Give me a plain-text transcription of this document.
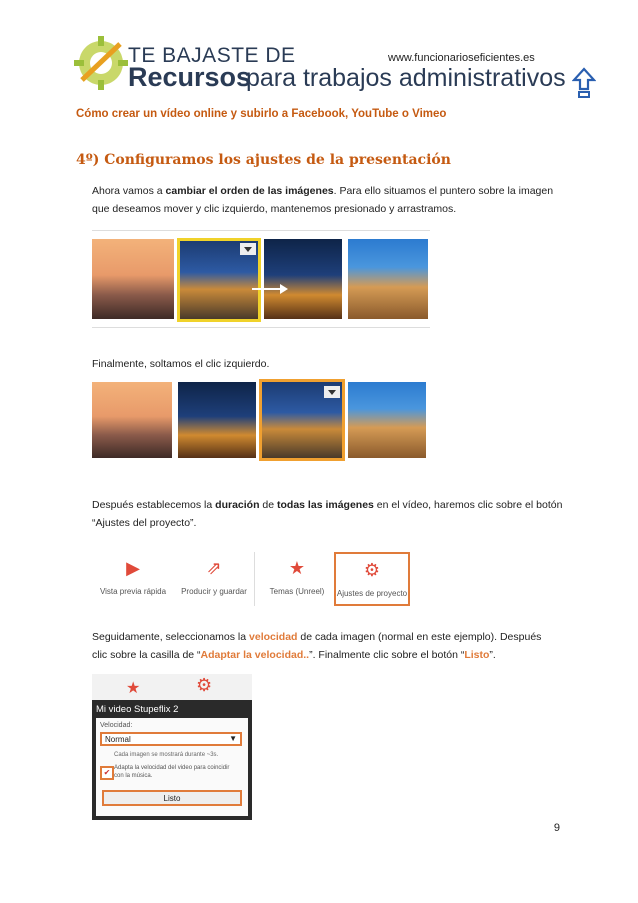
TE BAJASTE DE
Recursos
para trabajos administrativos
www.funcionarioseficientes.es
Cómo crear un vídeo online y subirlo a Facebook, YouTube o Vimeo
4º) Configuramos los ajustes de la presentación
Ahora vamos a cambiar el orden de las imágenes. Para ello situamos el puntero sobre la imagen
que deseamos mover y clic izquierdo, mantenemos presionado y arrastramos.
Finalmente, soltamos el clic izquierdo.
Después establecemos la duración de todas las imágenes en el vídeo, haremos clic sobre el botón
“Ajustes del proyecto”.
▶
Vista previa rápida
⇗
Producir y guardar
★
Temas (Unreel)
⚙
Ajustes de proyecto
Seguidamente, seleccionamos la velocidad de cada imagen (normal en este ejemplo). Después
clic sobre la casilla de “Adaptar la velocidad..”. Finalmente clic sobre el botón “Listo”.
★	⚙
Mi video Stupeflix 2
Velocidad:
Normal	▼
Cada imagen se mostrará durante ~3s.
✔ Adapta la velocidad del video para coincidir con la música.
Listo
9
